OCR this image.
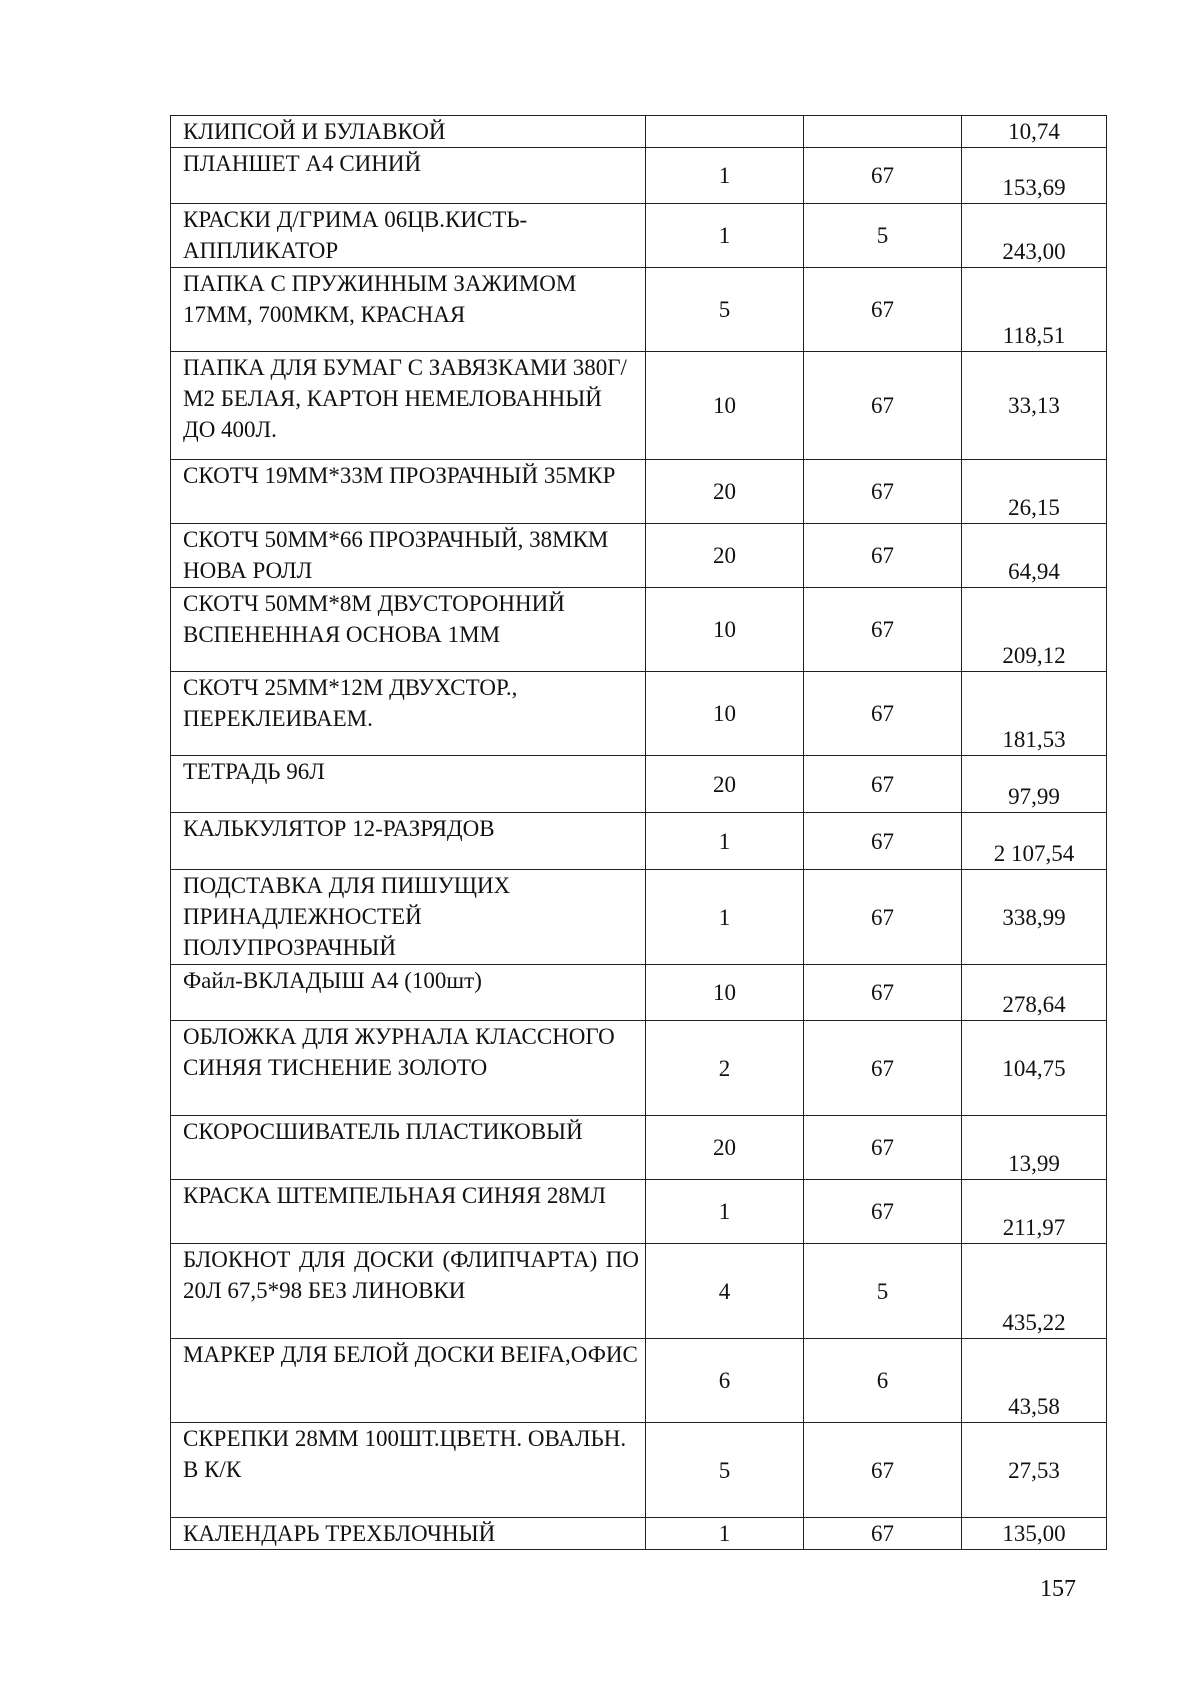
КЛИПСОЙ И БУЛАВКОЙ			10,74
ПЛАНШЕТ А4 СИНИЙ	1	67	153,69
КРАСКИ Д/ГРИМА 06ЦВ.КИСТЬ-АППЛИКАТОР	1	5	243,00
ПАПКА С ПРУЖИННЫМ ЗАЖИМОМ 17ММ, 700МКМ, КРАСНАЯ	5	67	118,51
ПАПКА ДЛЯ БУМАГ С ЗАВЯЗКАМИ 380Г/М2 БЕЛАЯ, КАРТОН НЕМЕЛОВАННЫЙ ДО 400Л.	10	67	33,13
СКОТЧ 19ММ*33М ПРОЗРАЧНЫЙ 35МКР	20	67	26,15
СКОТЧ 50ММ*66 ПРОЗРАЧНЫЙ, 38МКМ НОВА РОЛЛ	20	67	64,94
СКОТЧ 50ММ*8М ДВУСТОРОННИЙ ВСПЕНЕННАЯ ОСНОВА 1ММ	10	67	209,12
СКОТЧ 25ММ*12М ДВУХСТОР., ПЕРЕКЛЕИВАЕМ.	10	67	181,53
ТЕТРАДЬ 96Л	20	67	97,99
КАЛЬКУЛЯТОР 12-РАЗРЯДОВ	1	67	2 107,54
ПОДСТАВКА ДЛЯ ПИШУЩИХ ПРИНАДЛЕЖНОСТЕЙ ПОЛУПРОЗРАЧНЫЙ	1	67	338,99
Файл-ВКЛАДЫШ А4 (100шт)	10	67	278,64
ОБЛОЖКА ДЛЯ ЖУРНАЛА КЛАССНОГО СИНЯЯ ТИСНЕНИЕ ЗОЛОТО	2	67	104,75
СКОРОСШИВАТЕЛЬ ПЛАСТИКОВЫЙ	20	67	13,99
КРАСКА ШТЕМПЕЛЬНАЯ СИНЯЯ 28МЛ	1	67	211,97
БЛОКНОТ ДЛЯ ДОСКИ (ФЛИПЧАРТА) ПО 20Л 67,5*98 БЕЗ ЛИНОВКИ	4	5	435,22
МАРКЕР ДЛЯ БЕЛОЙ ДОСКИ BEIFA,ОФИС	6	6	43,58
СКРЕПКИ 28ММ 100ШТ.ЦВЕТН. ОВАЛЬН. В К/К	5	67	27,53
КАЛЕНДАРЬ ТРЕХБЛОЧНЫЙ	1	67	135,00
157
